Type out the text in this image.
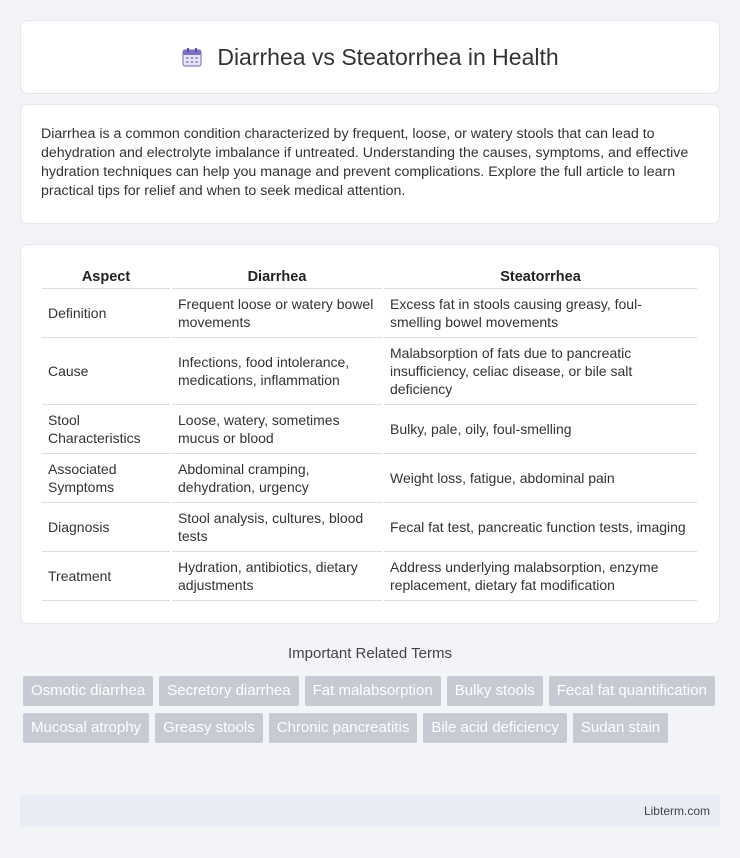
Diarrhea vs Steatorrhea in Health

Diarrhea is a common condition characterized by frequent, loose, or watery stools that can lead to dehydration and electrolyte imbalance if untreated. Understanding the causes, symptoms, and effective hydration techniques can help you manage and prevent complications. Explore the full article to learn practical tips for relief and when to seek medical attention.

Aspect	Diarrhea	Steatorrhea
Definition	Frequent loose or watery bowel movements	Excess fat in stools causing greasy, foul-smelling bowel movements
Cause	Infections, food intolerance, medications, inflammation	Malabsorption of fats due to pancreatic insufficiency, celiac disease, or bile salt deficiency
Stool Characteristics	Loose, watery, sometimes mucus or blood	Bulky, pale, oily, foul-smelling
Associated Symptoms	Abdominal cramping, dehydration, urgency	Weight loss, fatigue, abdominal pain
Diagnosis	Stool analysis, cultures, blood tests	Fecal fat test, pancreatic function tests, imaging
Treatment	Hydration, antibiotics, dietary adjustments	Address underlying malabsorption, enzyme replacement, dietary fat modification
Important Related Terms
Osmotic diarrhea	Secretory diarrhea	Fat malabsorption	Bulky stools	Fecal fat quantification
Mucosal atrophy	Greasy stools	Chronic pancreatitis	Bile acid deficiency	Sudan stain
Libterm.com
